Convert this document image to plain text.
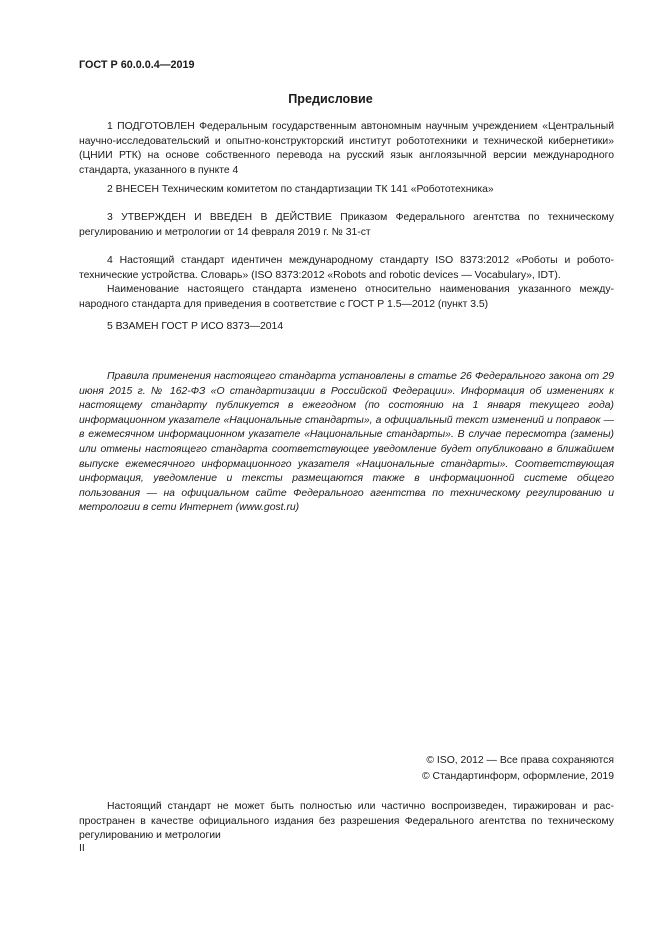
ГОСТ Р 60.0.0.4—2019
Предисловие

1 ПОДГОТОВЛЕН Федеральным государственным автономным научным учреждением «Центральный научно-исследовательский и опытно-конструкторский институт робототехники и технической кибернетики» (ЦНИИ РТК) на основе собственного перевода на русский язык англоязычной версии международного стандарта, указанного в пункте 4

2 ВНЕСЕН Техническим комитетом по стандартизации ТК 141 «Робототехника»

3 УТВЕРЖДЕН И ВВЕДЕН В ДЕЙСТВИЕ Приказом Федерального агентства по техническому регулированию и метрологии от 14 февраля 2019 г. № 31-ст

4 Настоящий стандарт идентичен международному стандарту ISO 8373:2012 «Роботы и робототехнические устройства. Словарь» (ISO 8373:2012 «Robots and robotic devices — Vocabulary», IDT).

Наименование настоящего стандарта изменено относительно наименования указанного международного стандарта для приведения в соответствие с ГОСТ Р 1.5—2012 (пункт 3.5)

5 ВЗАМЕН ГОСТ Р ИСО 8373—2014

Правила применения настоящего стандарта установлены в статье 26 Федерального закона от 29 июня 2015 г. № 162-ФЗ «О стандартизации в Российской Федерации». Информация об изменениях к настоящему стандарту публикуется в ежегодном (по состоянию на 1 января текущего года) информационном указателе «Национальные стандарты», а официальный текст изменений и поправок — в ежемесячном информационном указателе «Национальные стандарты». В случае пересмотра (замены) или отмены настоящего стандарта соответствующее уведомление будет опубликовано в ближайшем выпуске ежемесячного информационного указателя «Национальные стандарты». Соответствующая информация, уведомление и тексты размещаются также в информационной системе общего пользования — на официальном сайте Федерального агентства по техническому регулированию и метрологии в сети Интернет (www.gost.ru)

© ISO, 2012 — Все права сохраняются

© Стандартинформ, оформление, 2019

Настоящий стандарт не может быть полностью или частично воспроизведен, тиражирован и распространен в качестве официального издания без разрешения Федерального агентства по техническому регулированию и метрологии

II
